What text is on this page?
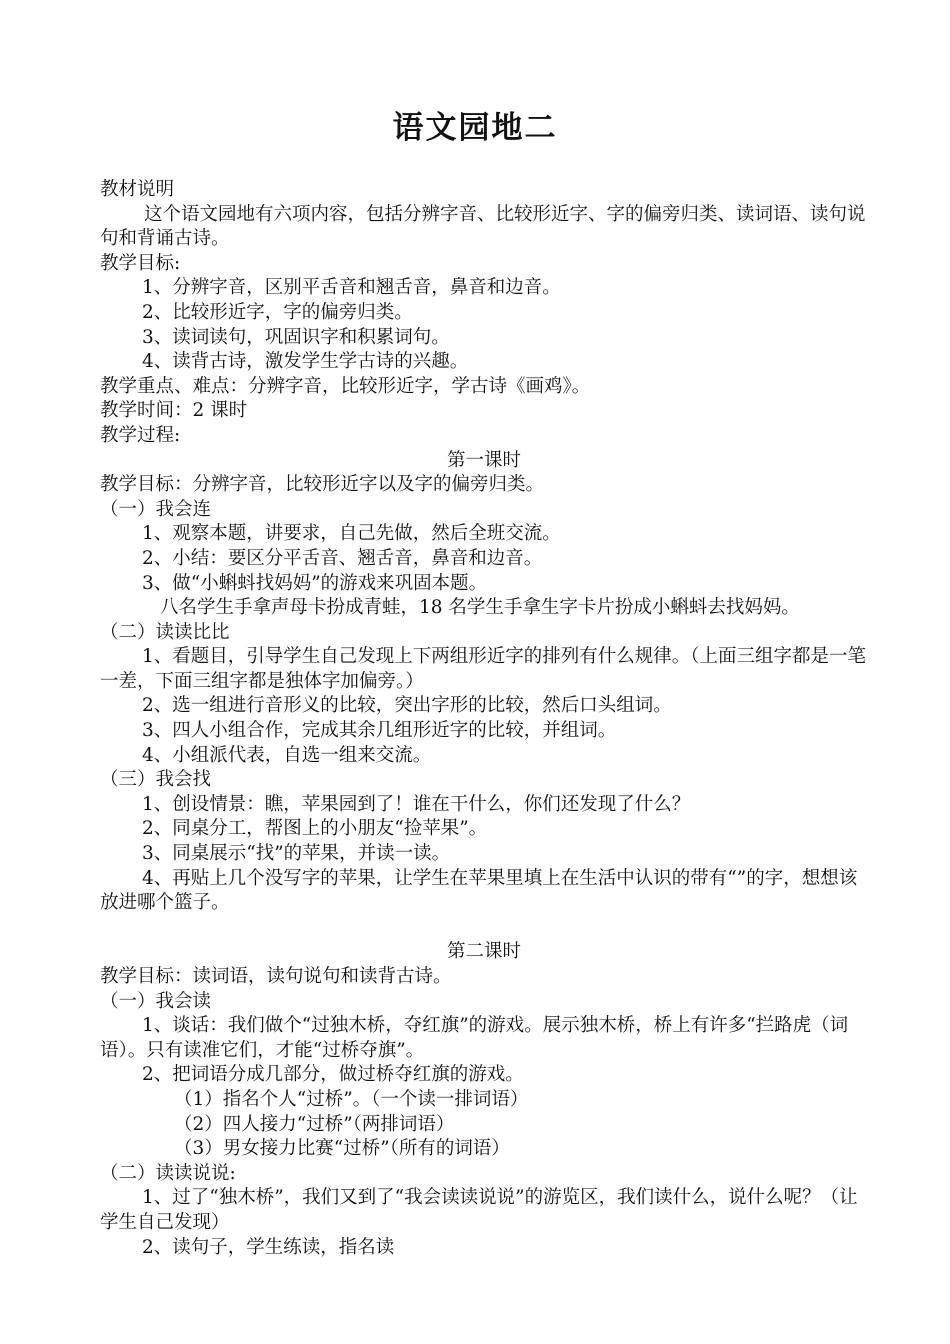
语文园地二

教材说明

这个语文园地有六项内容，包括分辨字音、比较形近字、字的偏旁归类、读词语、读句说句和背诵古诗。

教学目标:

1、分辨字音，区别平舌音和翘舌音，鼻音和边音。

2、比较形近字，字的偏旁归类。

3、读词读句，巩固识字和积累词句。

4、读背古诗，激发学生学古诗的兴趣。

教学重点、难点：分辨字音，比较形近字，学古诗《画鸡》。

教学时间：2 课时

教学过程:

第一课时

教学目标：分辨字音，比较形近字以及字的偏旁归类。

（一）我会连

1、观察本题，讲要求，自己先做，然后全班交流。

2、小结：要区分平舌音、翘舌音，鼻音和边音。

3、做“小蝌蚪找妈妈”的游戏来巩固本题。

八名学生手拿声母卡扮成青蛙，18 名学生手拿生字卡片扮成小蝌蚪去找妈妈。

（二）读读比比

1、看题目，引导学生自己发现上下两组形近字的排列有什么规律。（上面三组字都是一笔一差，下面三组字都是独体字加偏旁。）

2、选一组进行音形义的比较，突出字形的比较，然后口头组词。

3、四人小组合作，完成其余几组形近字的比较，并组词。

4、小组派代表，自选一组来交流。

（三）我会找

1、创设情景：瞧，苹果园到了！谁在干什么，你们还发现了什么？

2、同桌分工，帮图上的小朋友“捡苹果”。

3、同桌展示“找”的苹果，并读一读。

4、再贴上几个没写字的苹果，让学生在苹果里填上在生活中认识的带有“”的字，想想该放进哪个篮子。

第二课时

教学目标：读词语，读句说句和读背古诗。

（一）我会读

1、谈话：我们做个“过独木桥，夺红旗”的游戏。展示独木桥，桥上有许多“拦路虎（词语）。只有读准它们，才能“过桥夺旗”。

2、把词语分成几部分，做过桥夺红旗的游戏。

（1）指名个人“过桥”。（一个读一排词语）

（2）四人接力“过桥”（两排词语）

（3）男女接力比赛“过桥”（所有的词语）

（二）读读说说:

1、过了“独木桥”，我们又到了“我会读读说说”的游览区，我们读什么，说什么呢？（让学生自己发现）

2、读句子，学生练读，指名读
